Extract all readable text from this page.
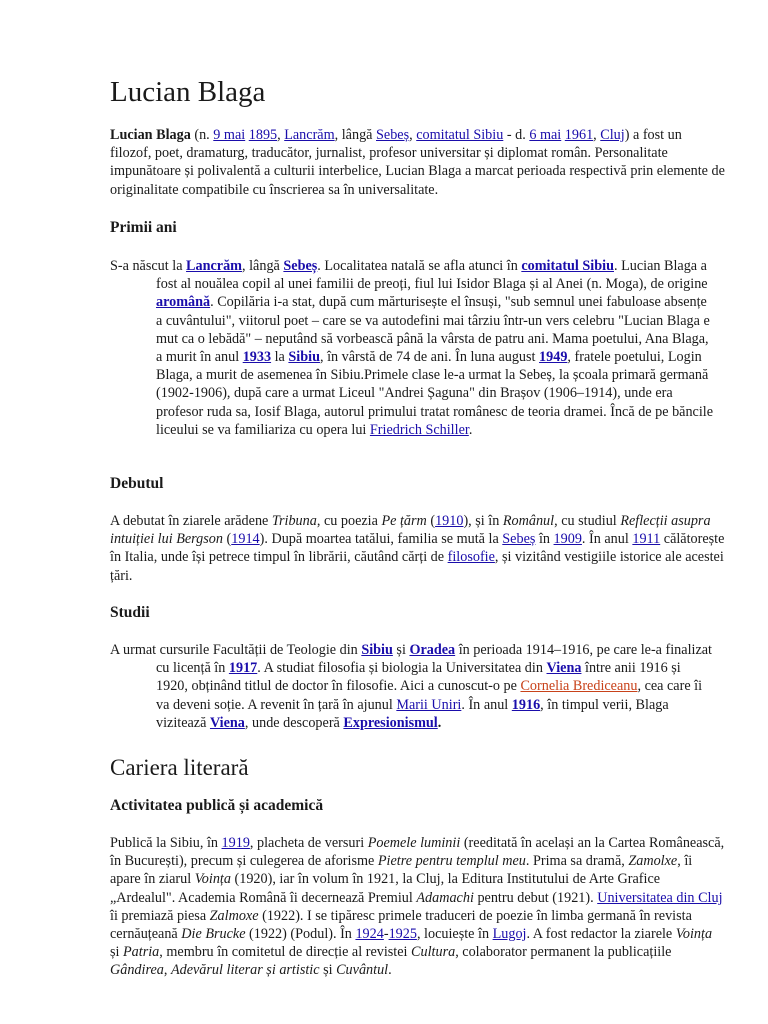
Lucian Blaga

Lucian Blaga (n. 9 mai 1895, Lancrăm, lângă Sebeș, comitatul Sibiu - d. 6 mai 1961, Cluj) a fost un filozof, poet, dramaturg, traducător, jurnalist, profesor universitar și diplomat român. Personalitate impunătoare și polivalentă a culturii interbelice, Lucian Blaga a marcat perioada respectivă prin elemente de originalitate compatibile cu înscrierea sa în universalitate.

Primii ani

S-a născut la Lancrăm, lângă Sebeș. Localitatea natală se afla atunci în comitatul Sibiu. Lucian Blaga a fost al nouălea copil al unei familii de preoți, fiul lui Isidor Blaga și al Anei (n. Moga), de origine aromână. Copilăria i-a stat, după cum mărturisește el însuși, "sub semnul unei fabuloase absențe a cuvântului", viitorul poet – care se va autodefini mai târziu într-un vers celebru "Lucian Blaga e mut ca o lebădă" – neputând să vorbească până la vârsta de patru ani. Mama poetului, Ana Blaga, a murit în anul 1933 la Sibiu, în vârstă de 74 de ani. În luna august 1949, fratele poetului, Login Blaga, a murit de asemenea în Sibiu.Primele clase le-a urmat la Sebeș, la școala primară germană (1902-1906), după care a urmat Liceul "Andrei Șaguna" din Brașov (1906–1914), unde era profesor ruda sa, Iosif Blaga, autorul primului tratat românesc de teoria dramei. Încă de pe băncile liceului se va familiariza cu opera lui Friedrich Schiller.

Debutul

A debutat în ziarele arădene Tribuna, cu poezia Pe țărm (1910), și în Românul, cu studiul Reflecții asupra intuiției lui Bergson (1914). După moartea tatălui, familia se mută la Sebeș în 1909. În anul 1911 călătorește în Italia, unde își petrece timpul în librării, căutând cărți de filosofie, și vizitând vestigiile istorice ale acestei țări.

Studii

A urmat cursurile Facultății de Teologie din Sibiu și Oradea în perioada 1914–1916, pe care le-a finalizat cu licență în 1917. A studiat filosofia și biologia la Universitatea din Viena între anii 1916 și 1920, obținând titlul de doctor în filosofie. Aici a cunoscut-o pe Cornelia Brediceanu, cea care îi va deveni soție. A revenit în țară în ajunul Marii Uniri. În anul 1916, în timpul verii, Blaga vizitează Viena, unde descoperă Expresionismul.

Cariera literară
Activitatea publică și academică

Publică la Sibiu, în 1919, placheta de versuri Poemele luminii (reeditată în același an la Cartea Românească, în București), precum și culegerea de aforisme Pietre pentru templul meu. Prima sa dramă, Zamolxe, îi apare în ziarul Voința (1920), iar în volum în 1921, la Cluj, la Editura Institutului de Arte Grafice „Ardealul". Academia Română îi decernează Premiul Adamachi pentru debut (1921). Universitatea din Cluj îi premiază piesa Zalmoxe (1922). I se tipăresc primele traduceri de poezie în limba germană în revista cernăuțeană Die Brucke (1922) (Podul). În 1924-1925, locuiește în Lugoj. A fost redactor la ziarele Voința și Patria, membru în comitetul de direcție al revistei Cultura, colaborator permanent la publicațiile Gândirea, Adevărul literar și artistic și Cuvântul.
